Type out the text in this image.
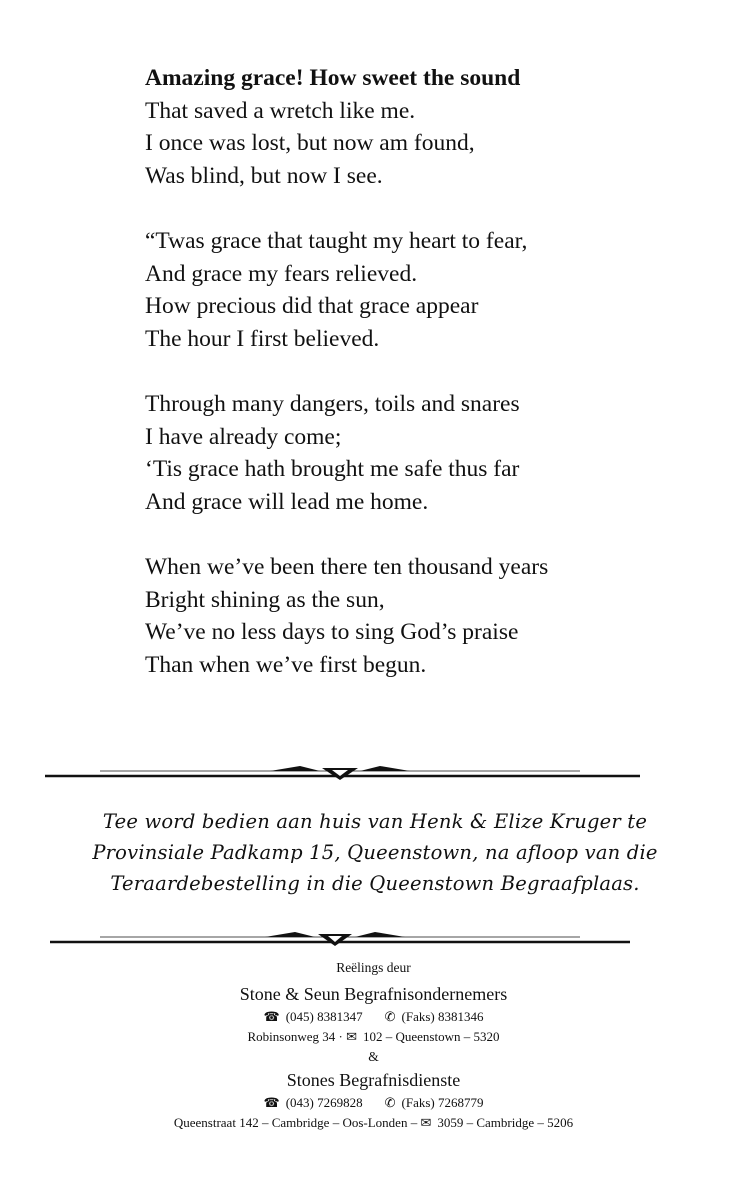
Amazing grace! How sweet the sound
That saved a wretch like me.
I once was lost, but now am found,
Was blind, but now I see.
“Twas grace that taught my heart to fear,
And grace my fears relieved.
How precious did that grace appear
The hour I first believed.
Through many dangers, toils and snares
I have already come;
‘Tis grace hath brought me safe thus far
And grace will lead me home.
When we’ve been there ten thousand years
Bright shining as the sun,
We’ve no less days to sing God’s praise
Than when we’ve first begun.
Tee word bedien aan huis van Henk & Elize Kruger te
Provinsiale Padkamp 15, Queenstown, na afloop van die
Teraardebestelling in die Queenstown Begraafplaas.
Reëlings deur
Stone & Seun Begrafnisondernemers
☎ (045) 8381347 ✆ (Faks) 8381346
Robinsonweg 34 · ✉ 102 – Queenstown – 5320
&
Stones Begrafnisdienste
☎ (043) 7269828 ✆ (Faks) 7268779
Queenstraat 142 – Cambridge – Oos-Londen – ✉ 3059 – Cambridge – 5206
